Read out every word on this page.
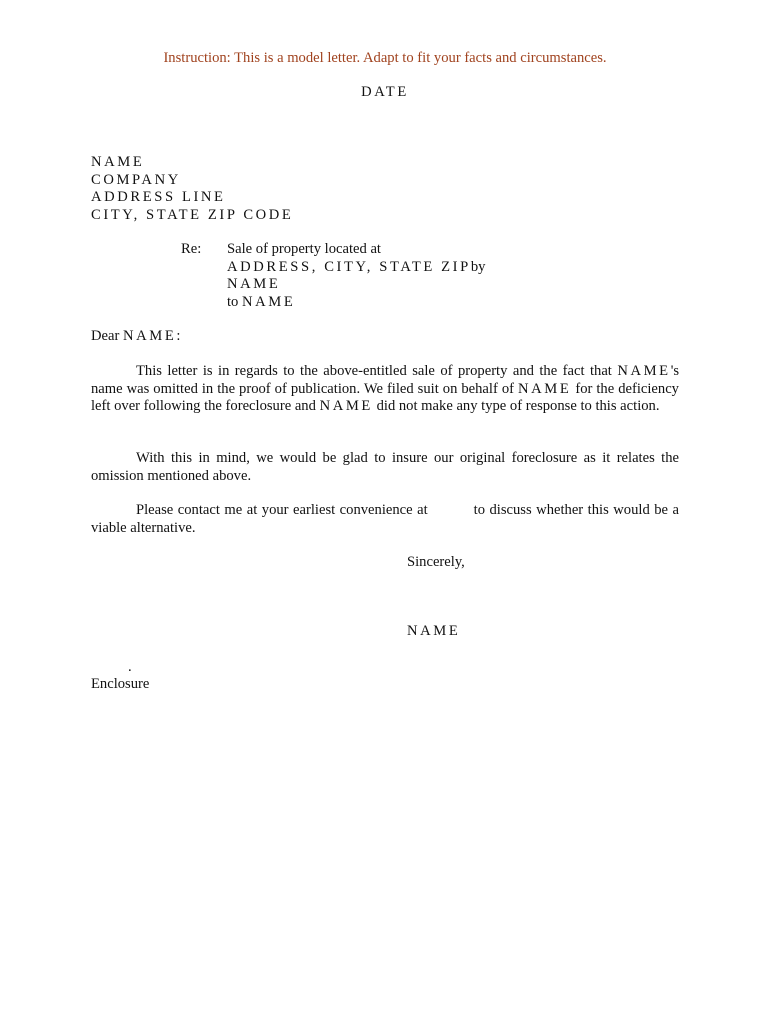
Instruction: This is a model letter. Adapt to fit your facts and circumstances.
DATE
NAME
COMPANY
ADDRESS LINE
CITY, STATE ZIP CODE
Re: Sale of property located at
ADDRESS, CITY, STATE ZIPby
NAME
to NAME
Dear NAME:
This letter is in regards to the above-entitled sale of property and the fact that NAME's name was omitted in the proof of publication. We filed suit on behalf of NAME for the deficiency left over following the foreclosure and NAME did not make any type of response to this action.
With this in mind, we would be glad to insure our original foreclosure as it relates the omission mentioned above.
Please contact me at your earliest convenience at	to discuss whether this would be a viable alternative.
Sincerely,
NAME
.
Enclosure
